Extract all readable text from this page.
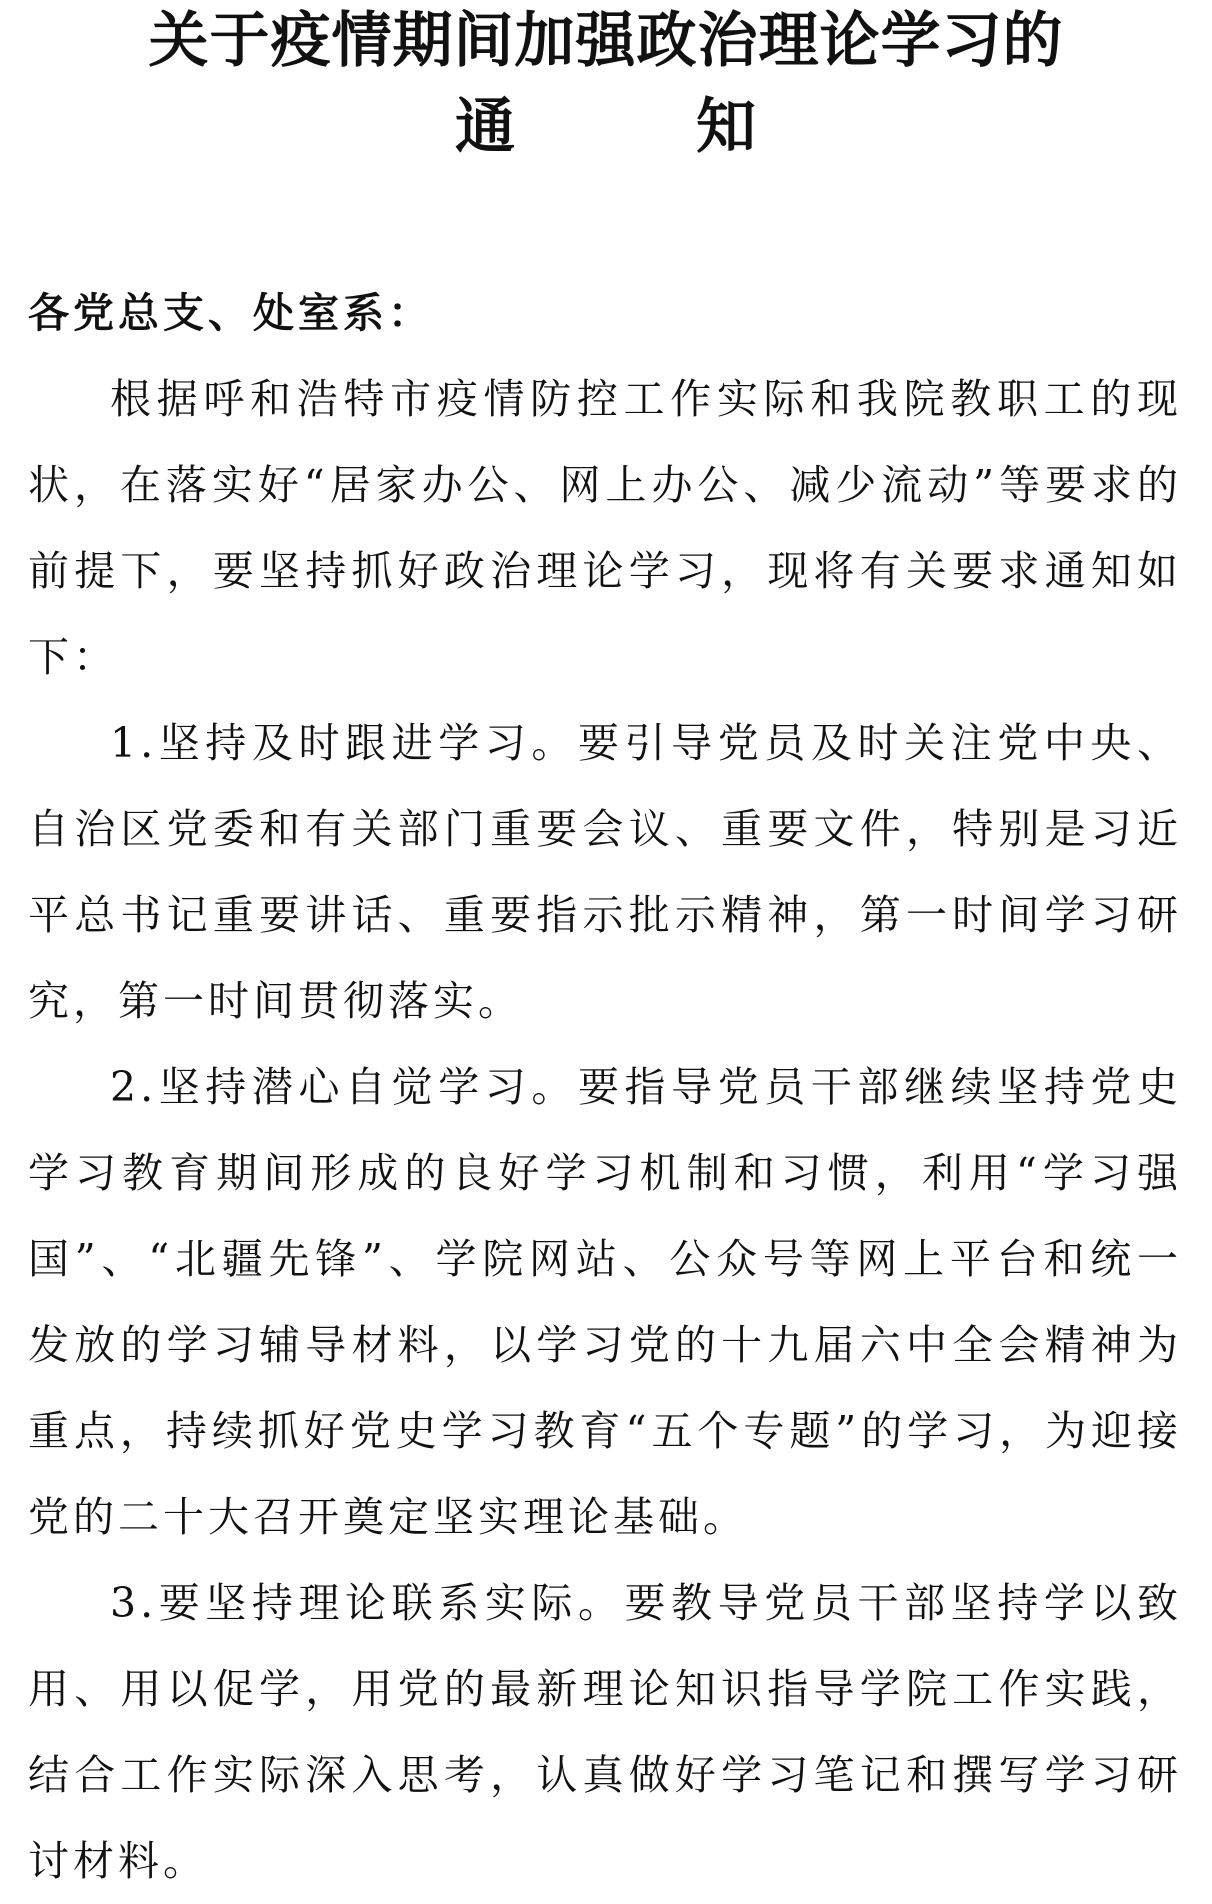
关于疫情期间加强政治理论学习的
通	知

各党总支、处室系：

根据呼和浩特市疫情防控工作实际和我院教职工的现状，在落实好“居家办公、网上办公、减少流动”等要求的前提下，要坚持抓好政治理论学习，现将有关要求通知如下：

1.坚持及时跟进学习。要引导党员及时关注党中央、自治区党委和有关部门重要会议、重要文件，特别是习近平总书记重要讲话、重要指示批示精神，第一时间学习研究，第一时间贯彻落实。

2.坚持潜心自觉学习。要指导党员干部继续坚持党史学习教育期间形成的良好学习机制和习惯，利用“学习强国”、“北疆先锋”、学院网站、公众号等网上平台和统一发放的学习辅导材料，以学习党的十九届六中全会精神为重点，持续抓好党史学习教育“五个专题”的学习，为迎接党的二十大召开奠定坚实理论基础。

3.要坚持理论联系实际。要教导党员干部坚持学以致用、用以促学，用党的最新理论知识指导学院工作实践，结合工作实际深入思考，认真做好学习笔记和撰写学习研讨材料。
